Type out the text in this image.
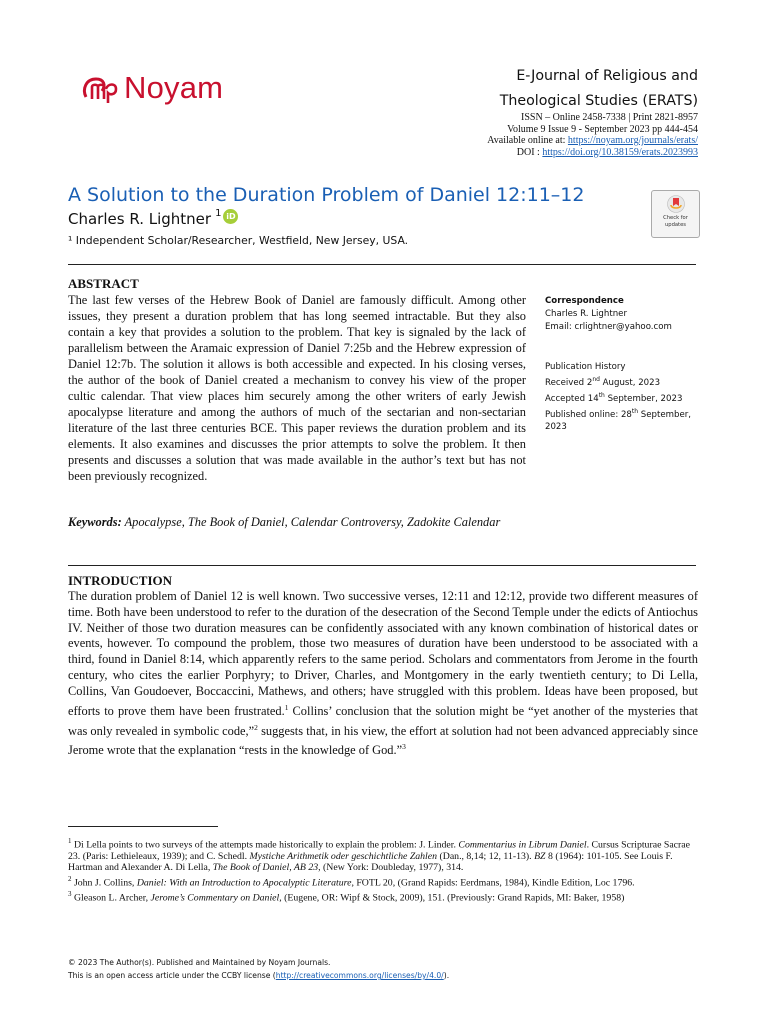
Noyam	E-Journal of Religious and
Theological Studies (ERATS)
ISSN – Online 2458-7338 | Print 2821-8957
Volume 9 Issue 9 - September 2023 pp 444-454
Available online at: https://noyam.org/journals/erats/
DOI : https://doi.org/10.38159/erats.2023993
A Solution to the Duration Problem of Daniel 12:11–12
Charles R. Lightner 1 iD
¹ Independent Scholar/Researcher, Westfield, New Jersey, USA.
Check for updates
ABSTRACT
The last few verses of the Hebrew Book of Daniel are famously difficult. Among other issues, they present a duration problem that has long seemed intractable. But they also contain a key that provides a solution to the problem. That key is signaled by the lack of parallelism between the Aramaic expression of Daniel 7:25b and the Hebrew expression of Daniel 12:7b. The solution it allows is both accessible and expected. In his closing verses, the author of the book of Daniel created a mechanism to convey his view of the proper cultic calendar. That view places him securely among the other writers of early Jewish apocalypse literature and among the authors of much of the sectarian and non-sectarian literature of the last three centuries BCE. This paper reviews the duration problem and its elements. It also examines and discusses the prior attempts to solve the problem. It then presents and discusses a solution that was made available in the author’s text but has not been previously recognized.
Keywords: Apocalypse, The Book of Daniel, Calendar Controversy, Zadokite Calendar
Correspondence
Charles R. Lightner
Email: crlightner@yahoo.com
Publication History
Received 2nd August, 2023
Accepted 14th September, 2023
Published online: 28th September, 2023
INTRODUCTION
The duration problem of Daniel 12 is well known. Two successive verses, 12:11 and 12:12, provide two different measures of time. Both have been understood to refer to the duration of the desecration of the Second Temple under the edicts of Antiochus IV. Neither of those two duration measures can be confidently associated with any known combination of historical dates or events, however. To compound the problem, those two measures of duration have been understood to be associated with a third, found in Daniel 8:14, which apparently refers to the same period. Scholars and commentators from Jerome in the fourth century, who cites the earlier Porphyry; to Driver, Charles, and Montgomery in the early twentieth century; to Di Lella, Collins, Van Goudoever, Boccaccini, Mathews, and others; have struggled with this problem. Ideas have been proposed, but efforts to prove them have been frustrated.$^1$ Collins’ conclusion that the solution might be “yet another of the mysteries that was only revealed in symbolic code,”$^2$ suggests that, in his view, the effort at solution had not been advanced appreciably since Jerome wrote that the explanation “rests in the knowledge of God.”$^3$

$^1$ Di Lella points to two surveys of the attempts made historically to explain the problem: J. Linder. Commentarius in Librum Daniel. Cursus Scripturae Sacrae 23. (Paris: Lethieleaux, 1939); and C. Schedl. Mystiche Arithmetik oder geschichtliche Zahlen (Dan., 8,14; 12, 11-13). BZ 8 (1964): 101-105. See Louis F. Hartman and Alexander A. Di Lella, The Book of Daniel, AB 23, (New York: Doubleday, 1977), 314.

$^2$ John J. Collins, Daniel: With an Introduction to Apocalyptic Literature, FOTL 20, (Grand Rapids: Eerdmans, 1984), Kindle Edition, Loc 1796.

$^3$ Gleason L. Archer, Jerome’s Commentary on Daniel, (Eugene, OR: Wipf & Stock, 2009), 151. (Previously: Grand Rapids, MI: Baker, 1958)

© 2023 The Author(s). Published and Maintained by Noyam Journals.
This is an open access article under the CCBY license (http://creativecommons.org/licenses/by/4.0/).
